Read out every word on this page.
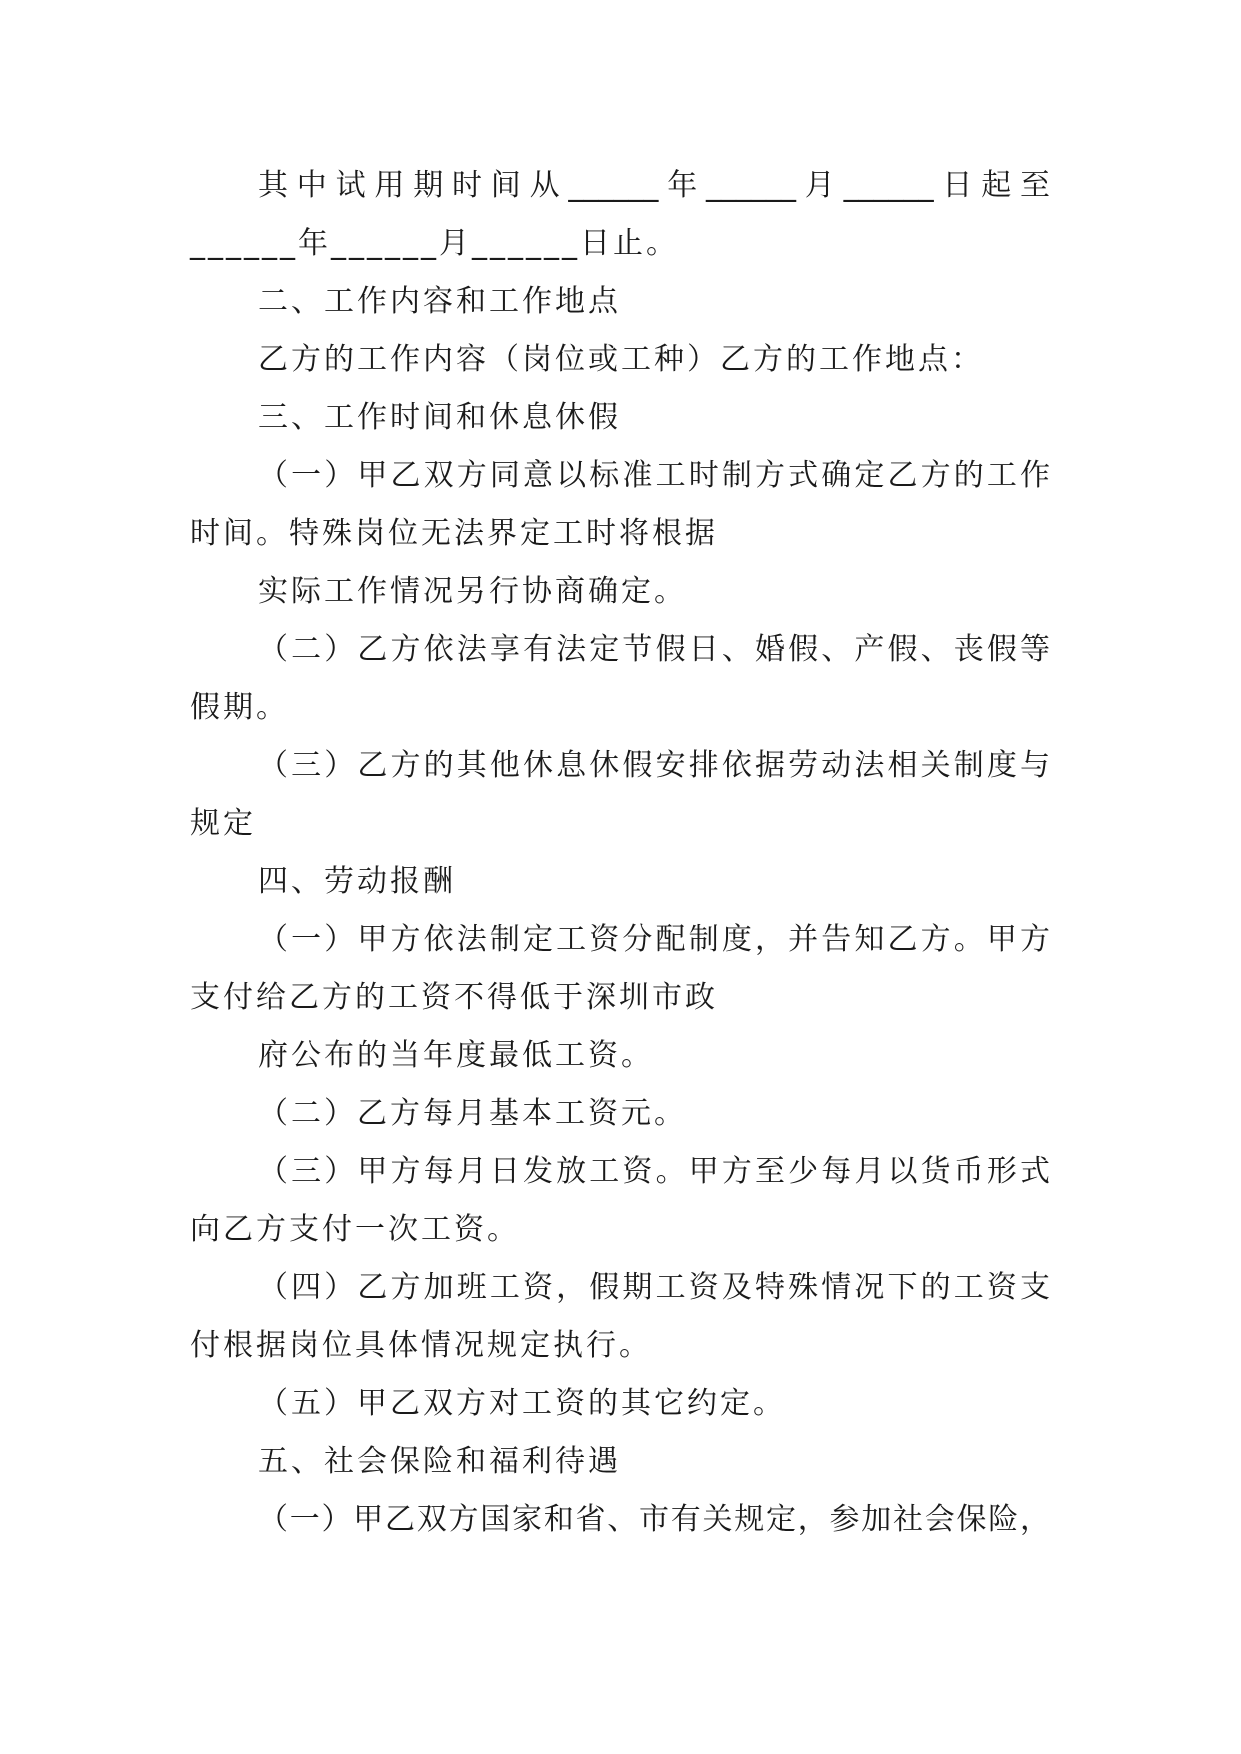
其中试用期时间从______年______月______日起至
______年______月______日止。
二、工作内容和工作地点
乙方的工作内容（岗位或工种）乙方的工作地点：
三、工作时间和休息休假
（一）甲乙双方同意以标准工时制方式确定乙方的工作
时间。特殊岗位无法界定工时将根据
实际工作情况另行协商确定。
（二）乙方依法享有法定节假日、婚假、产假、丧假等
假期。
（三）乙方的其他休息休假安排依据劳动法相关制度与
规定
四、劳动报酬
（一）甲方依法制定工资分配制度，并告知乙方。甲方
支付给乙方的工资不得低于深圳市政
府公布的当年度最低工资。
（二）乙方每月基本工资元。
（三）甲方每月日发放工资。甲方至少每月以货币形式
向乙方支付一次工资。
（四）乙方加班工资，假期工资及特殊情况下的工资支
付根据岗位具体情况规定执行。
（五）甲乙双方对工资的其它约定。
五、社会保险和福利待遇
（一）甲乙双方国家和省、市有关规定，参加社会保险，
